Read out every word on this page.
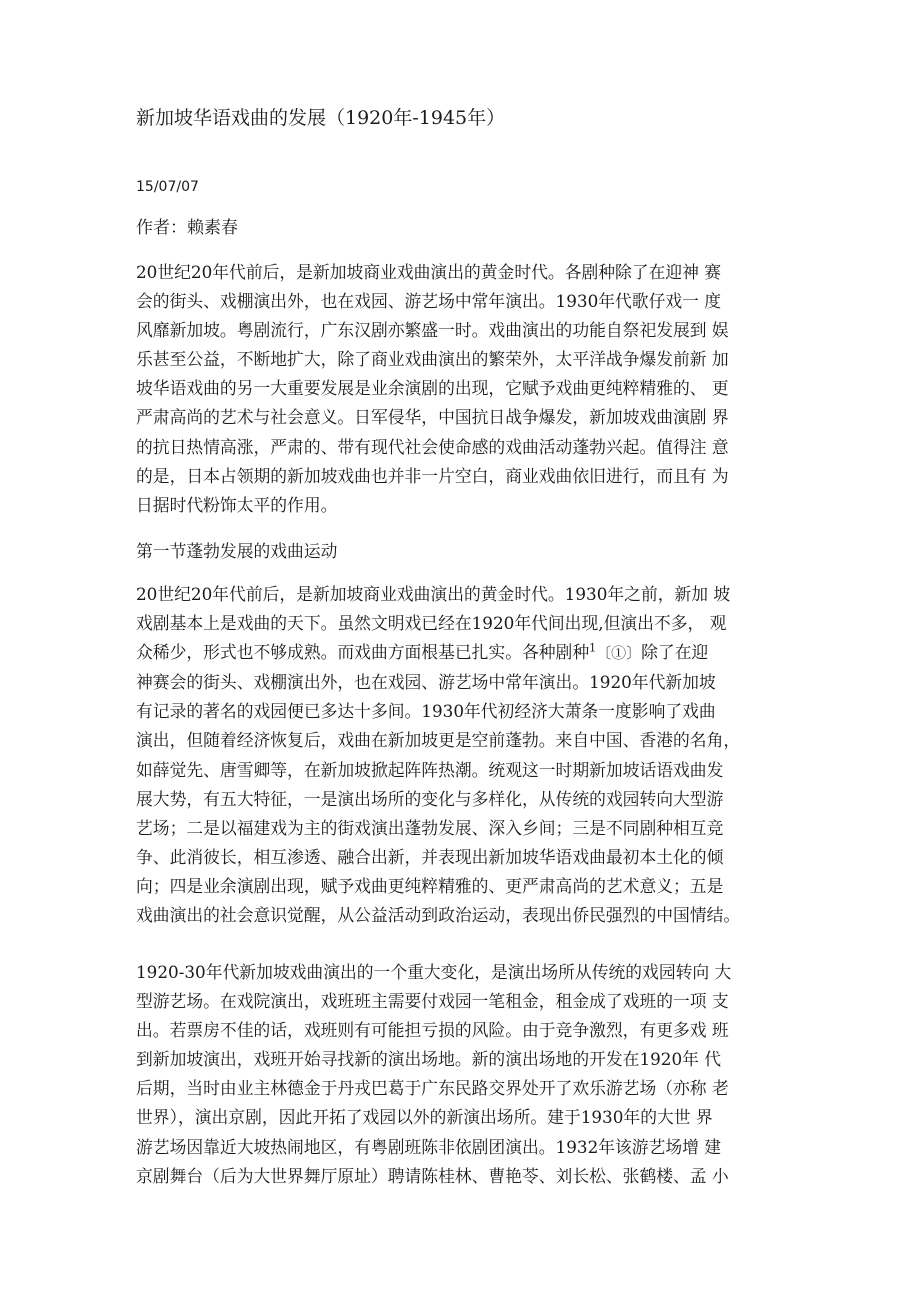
新加坡华语戏曲的发展（1920年-1945年）
15/07/07
作者：赖素春
20世纪20年代前后，是新加坡商业戏曲演出的黄金时代。各剧种除了在迎神 赛
会的街头、戏棚演出外，也在戏园、游艺场中常年演出。1930年代歌仔戏一 度
风靡新加坡。粤剧流行，广东汉剧亦繁盛一时。戏曲演出的功能自祭祀发展到 娱
乐甚至公益，不断地扩大，除了商业戏曲演出的繁荣外，太平洋战争爆发前新 加
坡华语戏曲的另一大重要发展是业余演剧的出现，它赋予戏曲更纯粹精雅的、 更
严肃高尚的艺术与社会意义。日军侵华，中国抗日战争爆发，新加坡戏曲演剧 界
的抗日热情高涨，严肃的、带有现代社会使命感的戏曲活动蓬勃兴起。值得注 意
的是，日本占领期的新加坡戏曲也并非一片空白，商业戏曲依旧进行，而且有 为
日据时代粉饰太平的作用。
第一节蓬勃发展的戏曲运动
20世纪20年代前后，是新加坡商业戏曲演出的黄金时代。1930年之前，新加 坡
戏剧基本上是戏曲的天下。虽然文明戏已经在1920年代间出现,但演出不多， 观
众稀少，形式也不够成熟。而戏曲方面根基已扎实。各种剧种$^1$〔①〕除了在迎
神赛会的街头、戏棚演出外，也在戏园、游艺场中常年演出。1920年代新加坡
有记录的著名的戏园便已多达十多间。1930年代初经济大萧条一度影响了戏曲
演出，但随着经济恢复后，戏曲在新加坡更是空前蓬勃。来自中国、香港的名角，
如薛觉先、唐雪卿等，在新加坡掀起阵阵热潮。统观这一时期新加坡话语戏曲发
展大势，有五大特征，一是演出场所的变化与多样化，从传统的戏园转向大型游
艺场；二是以福建戏为主的街戏演出蓬勃发展、深入乡间；三是不同剧种相互竞
争、此消彼长，相互渗透、融合出新，并表现出新加坡华语戏曲最初本土化的倾
向；四是业余演剧出现，赋予戏曲更纯粹精雅的、更严肃高尚的艺术意义；五是
戏曲演出的社会意识觉醒，从公益活动到政治运动，表现出侨民强烈的中国情结。
1920-30年代新加坡戏曲演出的一个重大变化，是演出场所从传统的戏园转向 大
型游艺场。在戏院演出，戏班班主需要付戏园一笔租金，租金成了戏班的一项 支
出。若票房不佳的话，戏班则有可能担亏损的风险。由于竞争激烈，有更多戏 班
到新加坡演出，戏班开始寻找新的演出场地。新的演出场地的开发在1920年 代
后期，当时由业主林德金于丹戎巴葛于广东民路交界处开了欢乐游艺场（亦称 老
世界），演出京剧，因此开拓了戏园以外的新演出场所。建于1930年的大世 界
游艺场因靠近大坡热闹地区，有粤剧班陈非依剧团演出。1932年该游艺场增 建
京剧舞台（后为大世界舞厅原址）聘请陈桂林、曹艳苓、刘长松、张鹤楼、孟 小
